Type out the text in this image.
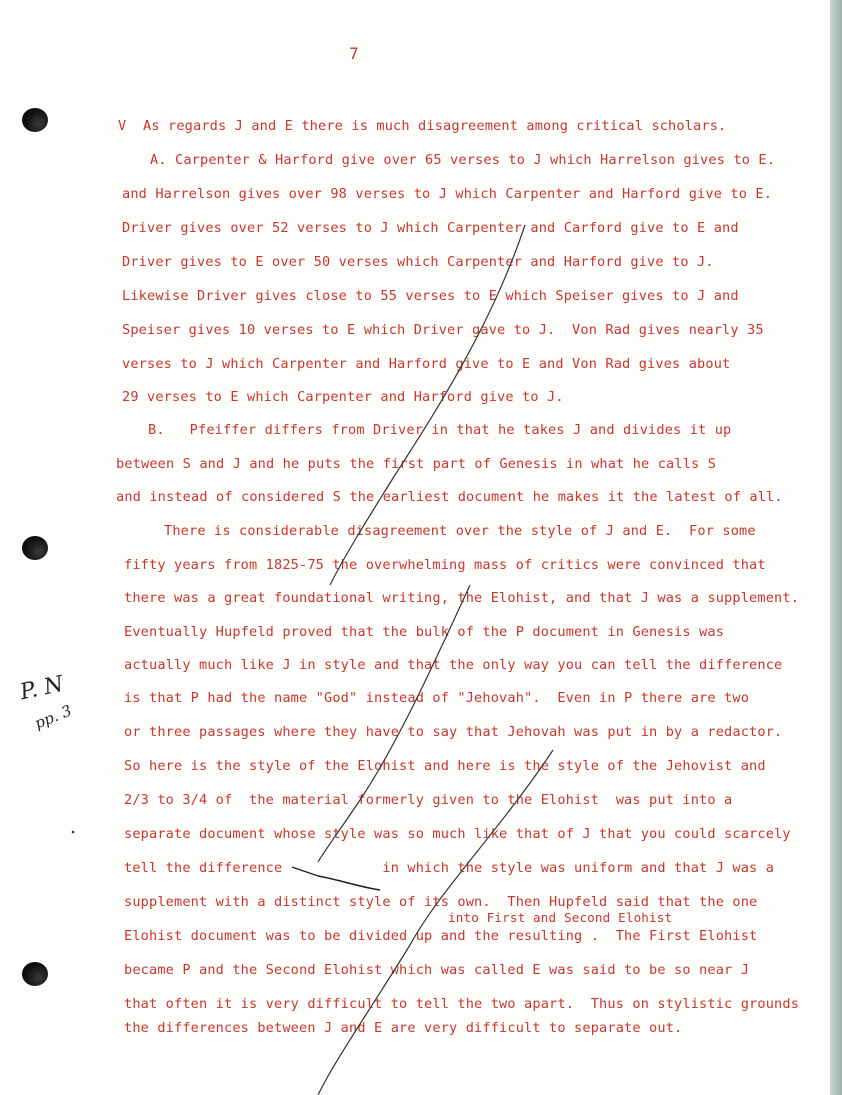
7
V  As regards J and E there is much disagreement among critical scholars.
A. Carpenter & Harford give over 65 verses to J which Harrelson gives to E.
and Harrelson gives over 98 verses to J which Carpenter and Harford give to E.
Driver gives over 52 verses to J which Carpenter and Carford give to E and
Driver gives to E over 50 verses which Carpenter and Harford give to J.
Likewise Driver gives close to 55 verses to E which Speiser gives to J and
Speiser gives 10 verses to E which Driver gave to J.  Von Rad gives nearly 35
verses to J which Carpenter and Harford give to E and Von Rad gives about
29 verses to E which Carpenter and Harford give to J.
B.   Pfeiffer differs from Driver in that he takes J and divides it up
between S and J and he puts the first part of Genesis in what he calls S
and instead of considered S the earliest document he makes it the latest of all.
There is considerable disagreement over the style of J and E.  For some
fifty years from 1825-75 the overwhelming mass of critics were convinced that
there was a great foundational writing, the Elohist, and that J was a supplement.
Eventually Hupfeld proved that the bulk of the P document in Genesis was
actually much like J in style and that the only way you can tell the difference
is that P had the name "God" instead of "Jehovah".  Even in P there are two
or three passages where they have to say that Jehovah was put in by a redactor.
So here is the style of the Elohist and here is the style of the Jehovist and
2/3 to 3/4 of  the material formerly given to the Elohist  was put into a
separate document whose style was so much like that of J that you could scarcely
tell the difference            in which the style was uniform and that J was a
supplement with a distinct style of its own.  Then Hupfeld said that the one
into First and Second Elohist
Elohist document was to be divided up and the resulting .  The First Elohist
became P and the Second Elohist which was called E was said to be so near J
that often it is very difficult to tell the two apart.  Thus on stylistic grounds
the differences between J and E are very difficult to separate out.
P. N
pp. 3
